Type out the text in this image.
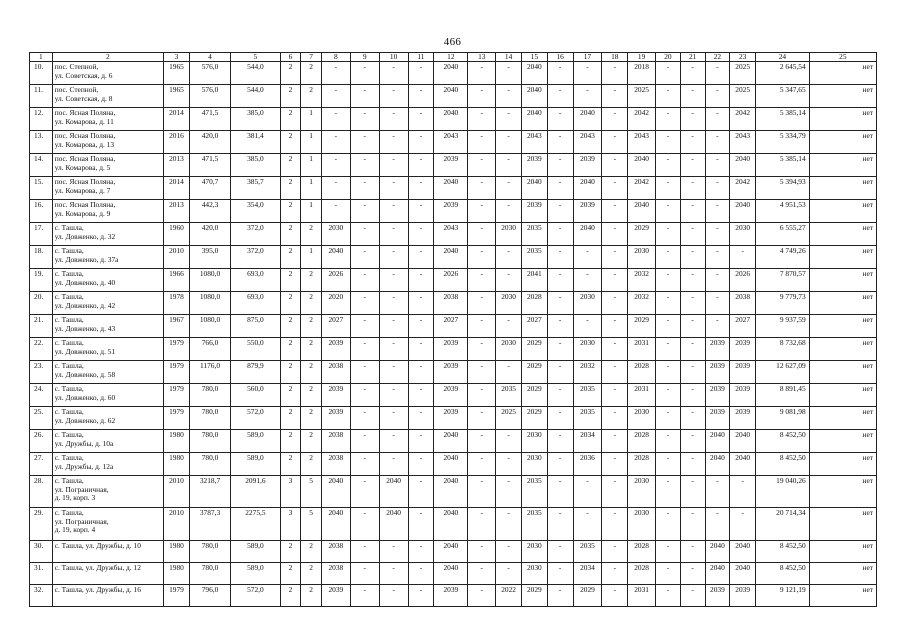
466
1	2	3	4	5	6	7	8	9	10	11	12	13	14	15	16	17	18	19	20	21	22	23	24	25
10.	пос. Степной,
ул. Советская, д. 6	1965	576,0	544,0	2	2	-	-	-	-	2040	-	-	2040	-	-	-	2018	-	-	-	2025	2 645,54	нет
11.	пос. Степной,
ул. Советская, д. 8	1965	576,0	544,0	2	2	-	-	-	-	2040	-	-	2040	-	-	-	2025	-	-	-	2025	5 347,65	нет
12.	пос. Ясная Поляна,
ул. Комарова, д. 11	2014	471,5	385,0	2	1	-	-	-	-	2040	-	-	2040	-	2040	-	2042	-	-	-	2042	5 385,14	нет
13.	пос. Ясная Поляна,
ул. Комарова, д. 13	2016	420,0	381,4	2	1	-	-	-	-	2043	-	-	2043	-	2043	-	2043	-	-	-	2043	5 334,79	нет
14.	пос. Ясная Поляна,
ул. Комарова, д. 5	2013	471,5	385,0	2	1	-	-	-	-	2039	-	-	2039	-	2039	-	2040	-	-	-	2040	5 385,14	нет
15.	пос. Ясная Поляна,
ул. Комарова, д. 7	2014	470,7	385,7	2	1	-	-	-	-	2040	-	-	2040	-	2040	-	2042	-	-	-	2042	5 394,93	нет
16.	пос. Ясная Поляна,
ул. Комарова, д. 9	2013	442,3	354,0	2	1	-	-	-	-	2039	-	-	2039	-	2039	-	2040	-	-	-	2040	4 951,53	нет
17.	с. Ташла,
ул. Довженко, д. 32	1960	420,0	372,0	2	2	2030	-	-	-	2043	-	2030	2035	-	2040	-	2029	-	-	-	2030	6 555,27	нет
18.	с. Ташла,
ул. Довженко, д. 37а	2010	395,0	372,0	2	1	2040	-	-	-	2040	-	-	2035	-	-	-	2030	-	-	-	-	4 749,26	нет
19.	с. Ташла,
ул. Довженко, д. 40	1966	1080,0	693,0	2	2	2026	-	-	-	2026	-	-	2041	-	-	-	2032	-	-	-	2026	7 870,57	нет
20.	с. Ташла,
ул. Довженко, д. 42	1978	1080,0	693,0	2	2	2020	-	-	-	2038	-	2030	2028	-	2030	-	2032	-	-	-	2038	9 779,73	нет
21.	с. Ташла,
ул. Довженко, д. 43	1967	1080,0	875,0	2	2	2027	-	-	-	2027	-	-	2027	-	-	-	2029	-	-	-	2027	9 937,59	нет
22.	с. Ташла,
ул. Довженко, д. 51	1979	766,0	550,0	2	2	2039	-	-	-	2039	-	2030	2029	-	2030	-	2031	-	-	2039	2039	8 732,68	нет
23.	с. Ташла,
ул. Довженко, д. 58	1979	1176,0	879,9	2	2	2038	-	-	-	2039	-	-	2029	-	2032	-	2028	-	-	2039	2039	12 627,09	нет
24.	с. Ташла,
ул. Довженко, д. 60	1979	780,0	560,0	2	2	2039	-	-	-	2039	-	2035	2029	-	2035	-	2031	-	-	2039	2039	8 891,45	нет
25.	с. Ташла,
ул. Довженко, д. 62	1979	780,0	572,0	2	2	2039	-	-	-	2039	-	2025	2029	-	2035	-	2030	-	-	2039	2039	9 081,98	нет
26.	с. Ташла,
ул. Дружбы, д. 10а	1980	780,0	589,0	2	2	2038	-	-	-	2040	-	-	2030	-	2034	-	2028	-	-	2040	2040	8 452,50	нет
27.	с. Ташла,
ул. Дружбы, д. 12а	1980	780,0	589,0	2	2	2038	-	-	-	2040	-	-	2030	-	2036	-	2028	-	-	2040	2040	8 452,50	нет
28.	с. Ташла,
ул. Пограничная,
д. 19, корп. 3	2010	3218,7	2091,6	3	5	2040	-	2040	-	2040	-	-	2035	-	-	-	2030	-	-	-	-	19 040,26	нет
29.	с. Ташла,
ул. Пограничная,
д. 19, корп. 4	2010	3787,3	2275,5	3	5	2040	-	2040	-	2040	-	-	2035	-	-	-	2030	-	-	-	-	20 714,34	нет
30.	с. Ташла, ул. Дружбы, д. 10	1980	780,0	589,0	2	2	2038	-	-	-	2040	-	-	2030	-	2035	-	2028	-	-	2040	2040	8 452,50	нет
31.	с. Ташла, ул. Дружбы, д. 12	1980	780,0	589,0	2	2	2038	-	-	-	2040	-	-	2030	-	2034	-	2028	-	-	2040	2040	8 452,50	нет
32.	с. Ташла, ул. Дружбы, д. 16	1979	796,0	572,0	2	2	2039	-	-	-	2039	-	2022	2029	-	2029	-	2031	-	-	2039	2039	9 121,19	нет
